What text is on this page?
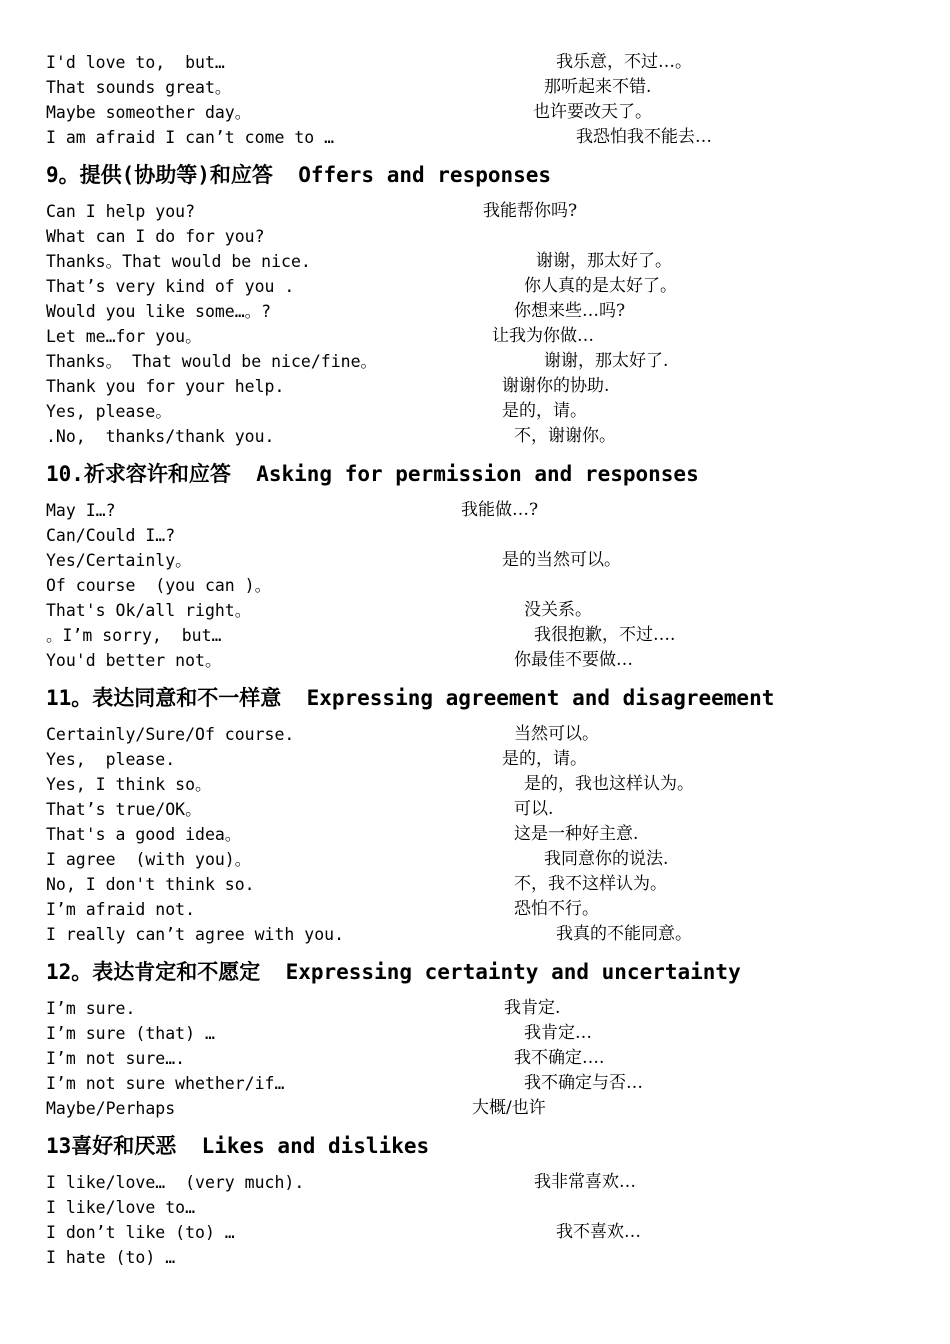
I'd love to,  but…	我乐意，不过…。
That sounds great。	那听起来不错.
Maybe someother day。	也许要改天了。
I am afraid I can’t come to …	我恐怕我不能去…
9。提供(协助等)和应答  Offers and responses
Can I help you?	我能帮你吗?
What can I do for you?
Thanks。That would be nice.	谢谢，那太好了。
That’s very kind of you .	你人真的是太好了。
Would you like some…。?	你想来些…吗?
Let me…for you。	让我为你做…
Thanks。 That would be nice/fine。	谢谢，那太好了.
Thank you for your help.	谢谢你的协助.
Yes, please。	是的，请。
.No,  thanks/thank you.	不，谢谢你。
10.祈求容许和应答  Asking for permission and responses
May I…?	我能做…?
Can/Could I…?
Yes/Certainly。	是的当然可以。
Of course  (you can )。
That's Ok/all right。	没关系。
。I’m sorry,  but…	我很抱歉，不过….
You'd better not。	你最佳不要做…
11。表达同意和不一样意  Expressing agreement and disagreement
Certainly/Sure/Of course.	当然可以。
Yes,  please.	是的，请。
Yes, I think so。	是的，我也这样认为。
That’s true/OK。	可以.
That's a good idea。	这是一种好主意.
I agree  (with you)。	我同意你的说法.
No, I don't think so.	不，我不这样认为。
I’m afraid not.	恐怕不行。
I really can’t agree with you.	我真的不能同意。
12。表达肯定和不愿定  Expressing certainty and uncertainty
I’m sure.	我肯定.
I’m sure (that) …	我肯定…
I’m not sure….	我不确定….
I’m not sure whether/if…	我不确定与否…
Maybe/Perhaps	大概/也许
13喜好和厌恶  Likes and dislikes
I like/love…  (very much).	我非常喜欢…
I like/love to…
I don’t like (to) …	我不喜欢…
I hate (to) …
